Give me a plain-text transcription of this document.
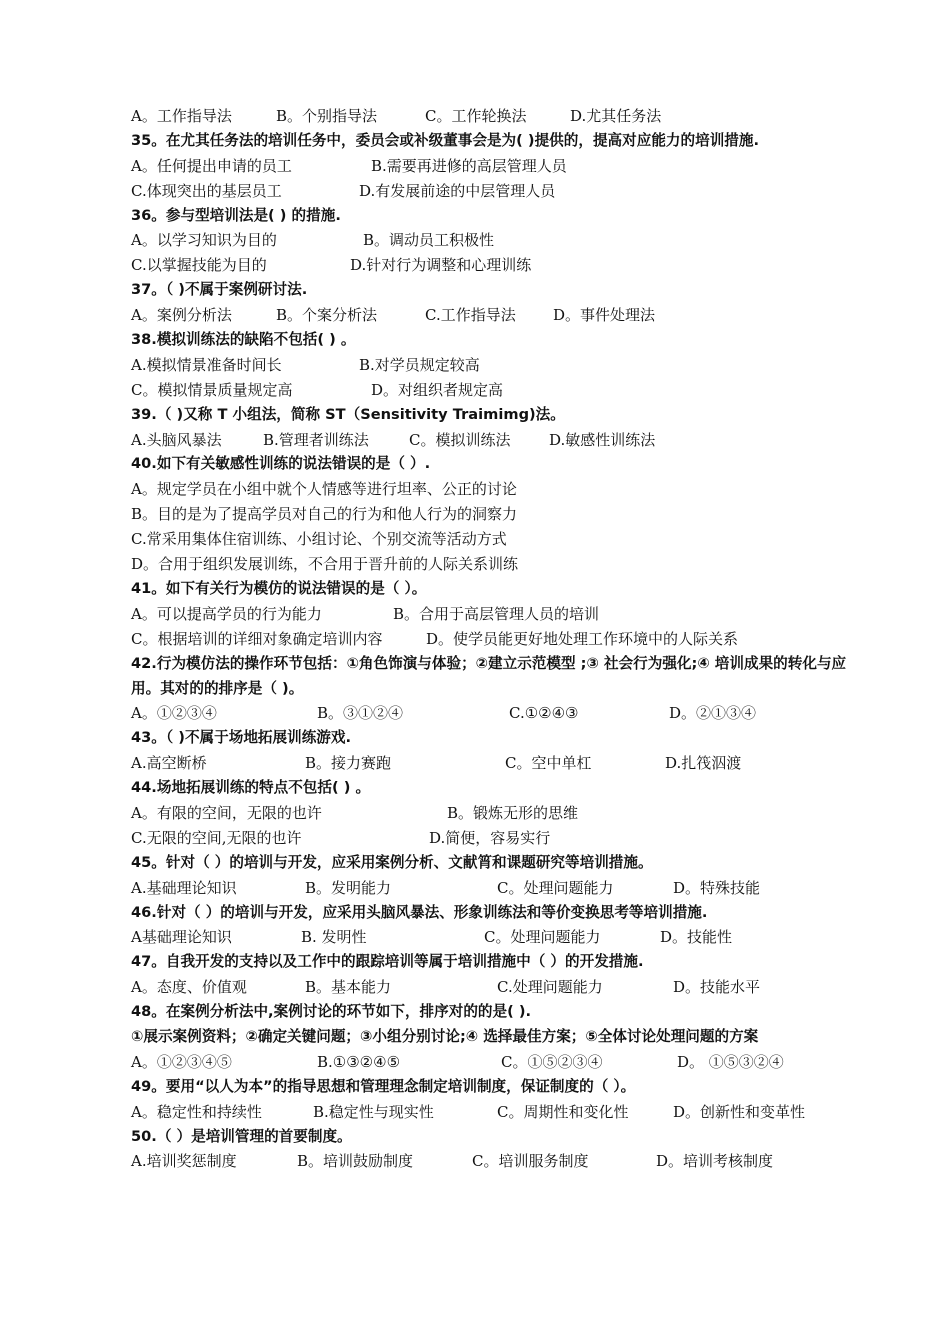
A。工作指导法	B。个别指导法	C。工作轮换法	D.尤其任务法
35。在尤其任务法的培训任务中，委员会或补级董事会是为( )提供的，提高对应能力的培训措施.
A。任何提出申请的员工	B.需要再进修的高层管理人员
C.体现突出的基层员工	D.有发展前途的中层管理人员
36。参与型培训法是( ) 的措施.
A。以学习知识为目的	B。调动员工积极性
C.以掌握技能为目的	D.针对行为调整和心理训练
37。（ )不属于案例研讨法.
A。案例分析法	B。个案分析法	C.工作指导法 D。事件处理法
38.模拟训练法的缺陷不包括( ) 。
A.模拟情景准备时间长	B.对学员规定较高
C。模拟情景质量规定高	D。对组织者规定高
39.（ )又称 T 小组法，简称 ST（Sensitivity Traimimg)法。
A.头脑风暴法	B.管理者训练法	C。模拟训练法	D.敏感性训练法
40.如下有关敏感性训练的说法错误的是（ ）.
A。规定学员在小组中就个人情感等进行坦率、公正的讨论
B。目的是为了提高学员对自己的行为和他人行为的洞察力
C.常采用集体住宿训练、小组讨论、个别交流等活动方式
D。合用于组织发展训练，不合用于晋升前的人际关系训练
41。如下有关行为模仿的说法错误的是（ ）。
A。可以提高学员的行为能力	B。合用于高层管理人员的培训
C。根据培训的详细对象确定培训内容	D。使学员能更好地处理工作环境中的人际关系
42.行为模仿法的操作环节包括：①角色饰演与体验；②建立示范模型 ;③ 社会行为强化;④ 培训成果的转化与应用。其对的的排序是（ )。
A。①②③④	B。③①②④	C.①②④③	D。②①③④
43。（ )不属于场地拓展训练游戏.
A.高空断桥	B。接力赛跑	C。空中单杠	D.扎筏泅渡
44.场地拓展训练的特点不包括( ) 。
A。有限的空间，无限的也许	B。锻炼无形的思维
C.无限的空间,无限的也许	D.简便，容易实行
45。针对（ ）的培训与开发，应采用案例分析、文献筲和课题研究等培训措施。
A.基础理论知识	B。发明能力	C。处理问题能力	D。特殊技能
46.针对（ ）的培训与开发，应采用头脑风暴法、形象训练法和等价变换思考等培训措施.
A基础理论知识	B. 发明性	C。处理问题能力	D。技能性
47。自我开发的支持以及工作中的跟踪培训等属于培训措施中（ ）的开发措施.
A。态度、价值观	B。基本能力	C.处理问题能力	D。技能水平
48。在案例分析法中,案例讨论的环节如下，排序对的的是( ).
①展示案例资料；②确定关键问题；③小组分别讨论;④ 选择最佳方案；⑤全体讨论处理问题的方案
A。①②③④⑤	B.①③②④⑤	C。①⑤②③④	D。 ①⑤③②④
49。要用“以人为本”的指导思想和管理理念制定培训制度，保证制度的（ ）。
A。稳定性和持续性	B.稳定性与现实性	C。周期性和变化性	D。创新性和变革性
50.（ ）是培训管理的首要制度。
A.培训奖惩制度	B。培训鼓励制度	C。培训服务制度	D。培训考核制度
